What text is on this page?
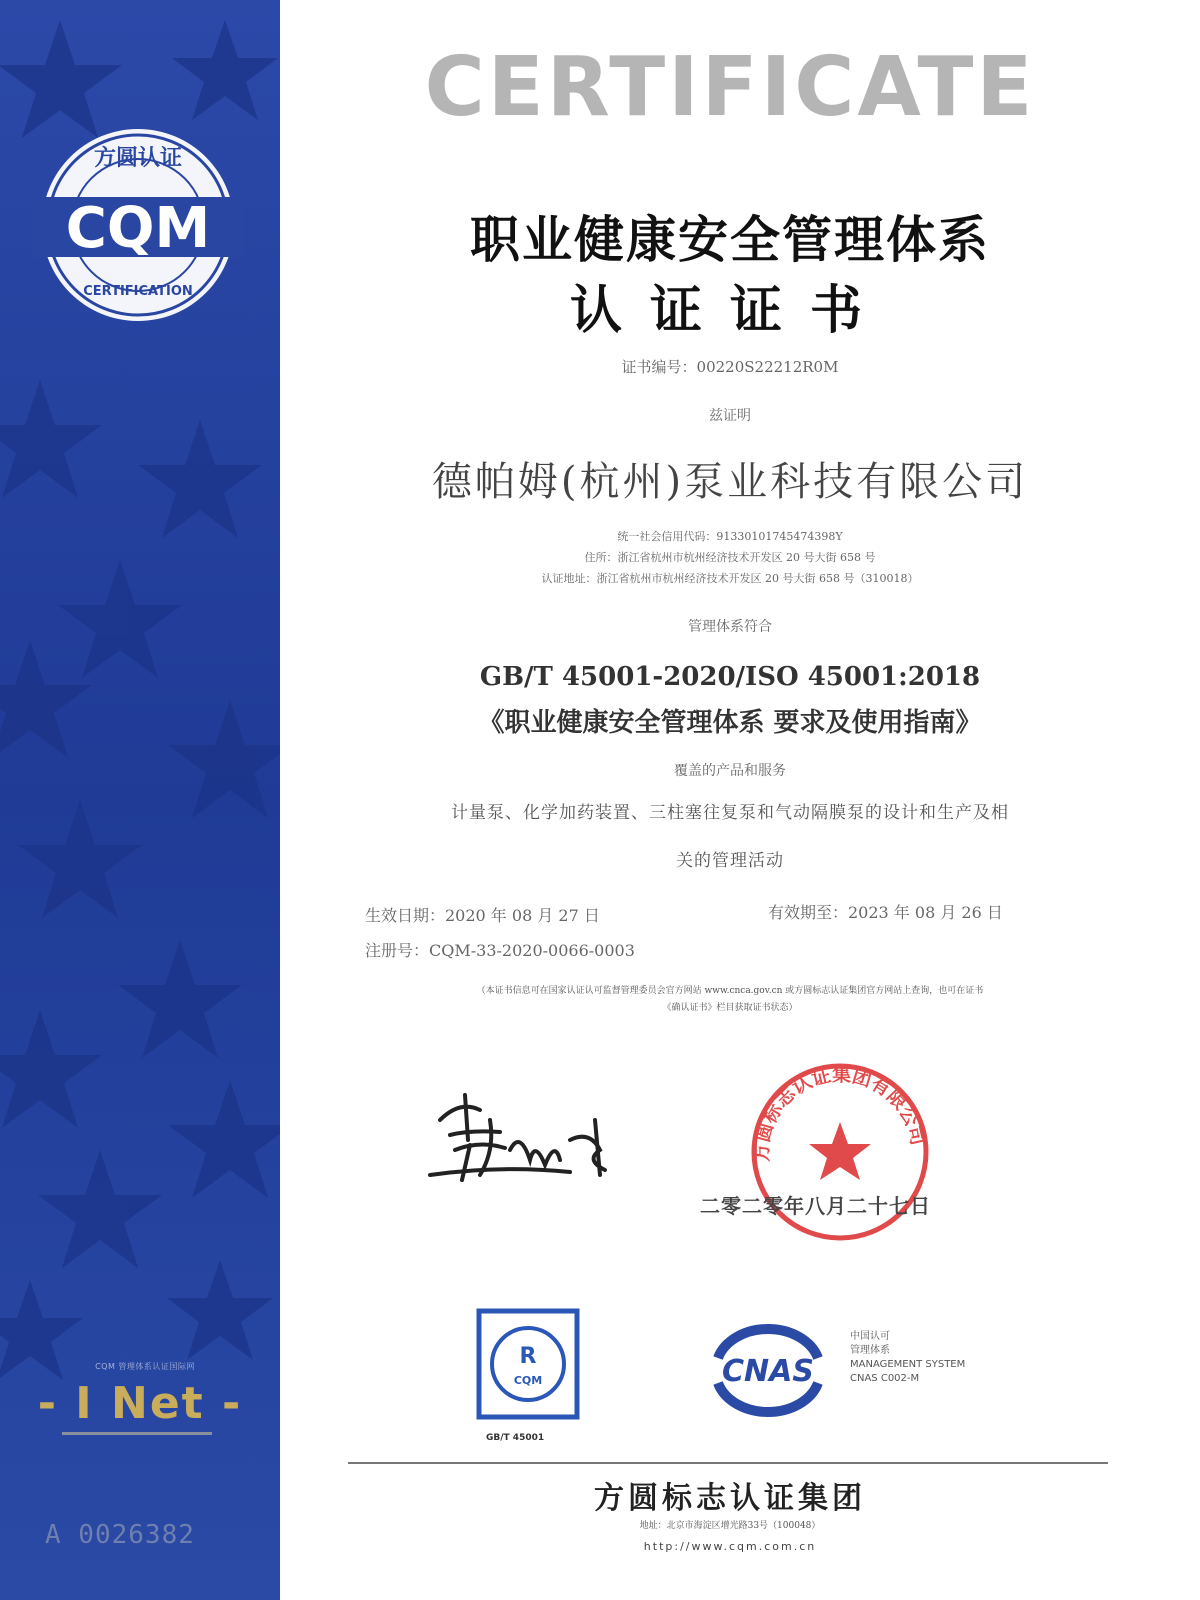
方圆认证
CQM
CERTIFICATION
CQM 管理体系认证国际网
- I Net -
A 0026382
CERTIFICATE
职业健康安全管理体系
认证证书
证书编号：00220S22212R0M
兹证明
德帕姆(杭州)泵业科技有限公司
统一社会信用代码：91330101745474398Y
住所：浙江省杭州市杭州经济技术开发区 20 号大街 658 号
认证地址：浙江省杭州市杭州经济技术开发区 20 号大街 658 号（310018）
管理体系符合
GB/T 45001-2020/ISO 45001:2018
《职业健康安全管理体系 要求及使用指南》
覆盖的产品和服务
计量泵、化学加药装置、三柱塞往复泵和气动隔膜泵的设计和生产及相
关的管理活动
生效日期：2020 年 08 月 27 日	有效期至：2023 年 08 月 26 日
注册号：CQM-33-2020-0066-0003
（本证书信息可在国家认证认可监督管理委员会官方网站 www.cnca.gov.cn 或方圆标志认证集团官方网站上查询，也可在证书
《确认证书》栏目获取证书状态）
方圆标志认证集团有限公司
二零二零年八月二十七日
R
CQM
GB/T 45001
CNAS
中国认可
管理体系
MANAGEMENT SYSTEM
CNAS C002-M
方圆标志认证集团
地址：北京市海淀区增光路33号（100048）
http://www.cqm.com.cn
